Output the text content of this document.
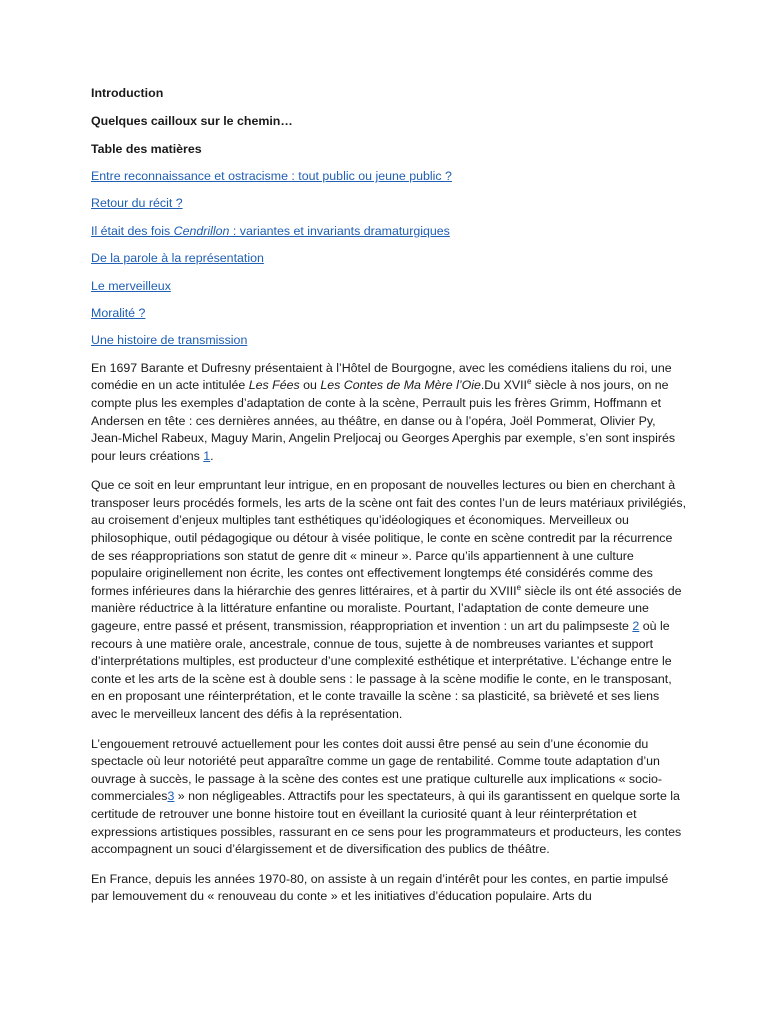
Introduction
Quelques cailloux sur le chemin…
Table des matières
Entre reconnaissance et ostracisme : tout public ou jeune public ?
Retour du récit ?
Il était des fois Cendrillon : variantes et invariants dramaturgiques
De la parole à la représentation
Le merveilleux
Moralité ?
Une histoire de transmission

En 1697 Barante et Dufresny présentaient à l’Hôtel de Bourgogne, avec les comédiens italiens du roi, une comédie en un acte intitulée Les Fées ou Les Contes de Ma Mère l’Oie.Du XVIIe siècle à nos jours, on ne compte plus les exemples d’adaptation de conte à la scène, Perrault puis les frères Grimm, Hoffmann et Andersen en tête : ces dernières années, au théâtre, en danse ou à l’opéra, Joël Pommerat, Olivier Py, Jean-Michel Rabeux, Maguy Marin, Angelin Preljocaj ou Georges Aperghis par exemple, s’en sont inspirés pour leurs créations 1.

Que ce soit en leur empruntant leur intrigue, en en proposant de nouvelles lectures ou bien en cherchant à transposer leurs procédés formels, les arts de la scène ont fait des contes l’un de leurs matériaux privilégiés, au croisement d’enjeux multiples tant esthétiques qu’idéologiques et économiques. Merveilleux ou philosophique, outil pédagogique ou détour à visée politique, le conte en scène contredit par la récurrence de ses réappropriations son statut de genre dit « mineur ». Parce qu’ils appartiennent à une culture populaire originellement non écrite, les contes ont effectivement longtemps été considérés comme des formes inférieures dans la hiérarchie des genres littéraires, et à partir du XVIIIe siècle ils ont été associés de manière réductrice à la littérature enfantine ou moraliste. Pourtant, l’adaptation de conte demeure une gageure, entre passé et présent, transmission, réappropriation et invention : un art du palimpseste 2 où le recours à une matière orale, ancestrale, connue de tous, sujette à de nombreuses variantes et support d’interprétations multiples, est producteur d’une complexité esthétique et interprétative. L’échange entre le conte et les arts de la scène est à double sens : le passage à la scène modifie le conte, en le transposant, en en proposant une réinterprétation, et le conte travaille la scène : sa plasticité, sa brièveté et ses liens avec le merveilleux lancent des défis à la représentation.

L’engouement retrouvé actuellement pour les contes doit aussi être pensé au sein d’une économie du spectacle où leur notoriété peut apparaître comme un gage de rentabilité. Comme toute adaptation d’un ouvrage à succès, le passage à la scène des contes est une pratique culturelle aux implications « socio-commerciales3 » non négligeables. Attractifs pour les spectateurs, à qui ils garantissent en quelque sorte la certitude de retrouver une bonne histoire tout en éveillant la curiosité quant à leur réinterprétation et expressions artistiques possibles, rassurant en ce sens pour les programmateurs et producteurs, les contes accompagnent un souci d’élargissement et de diversification des publics de théâtre.

En France, depuis les années 1970-80, on assiste à un regain d’intérêt pour les contes, en partie impulsé par lemouvement du « renouveau du conte » et les initiatives d’éducation populaire. Arts du
